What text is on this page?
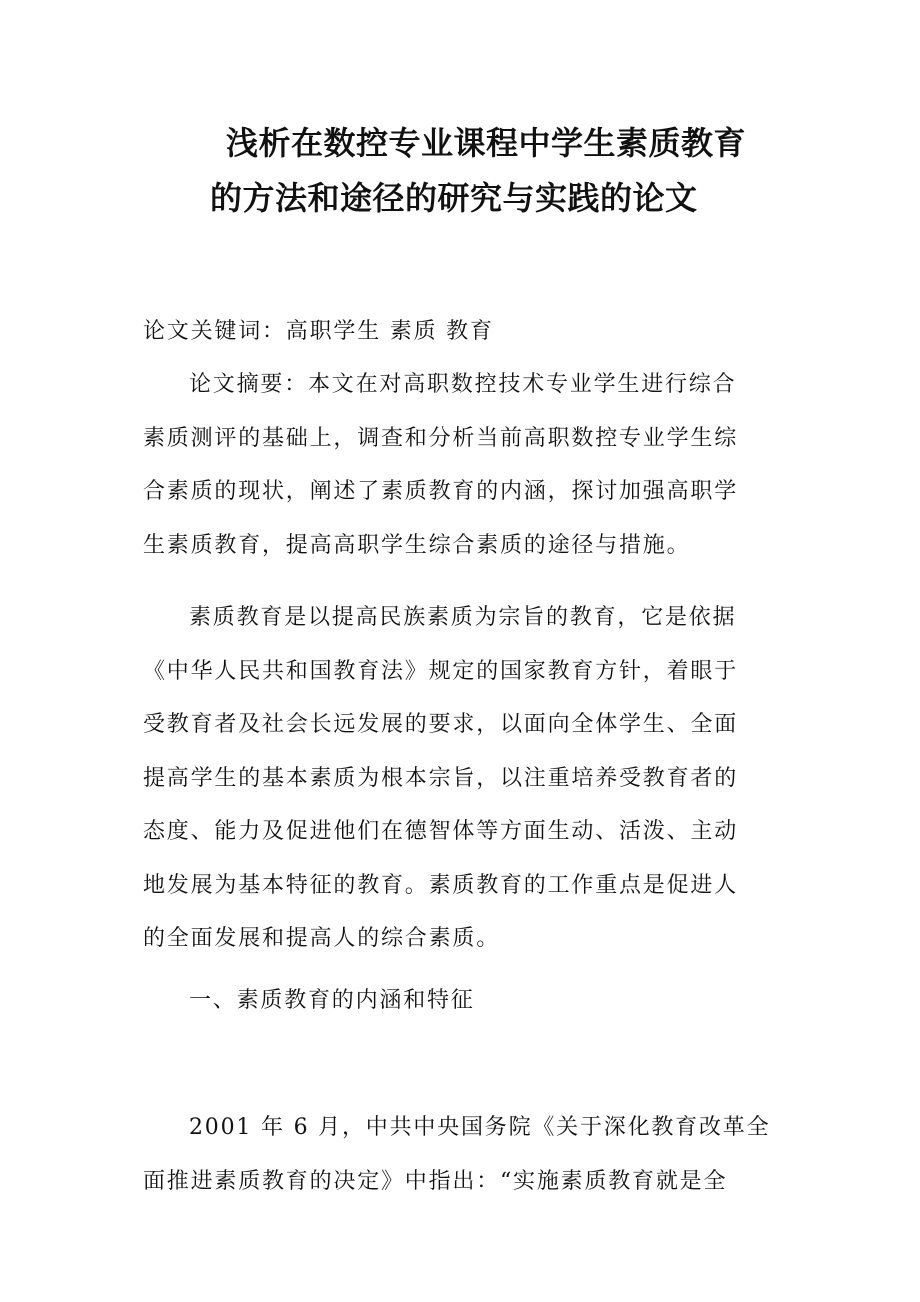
浅析在数控专业课程中学生素质教育
的方法和途径的研究与实践的论文

论文关键词：高职学生 素质 教育

论文摘要：本文在对高职数控技术专业学生进行综合
素质测评的基础上，调查和分析当前高职数控专业学生综
合素质的现状，阐述了素质教育的内涵，探讨加强高职学
生素质教育，提高高职学生综合素质的途径与措施。

素质教育是以提高民族素质为宗旨的教育，它是依据
《中华人民共和国教育法》规定的国家教育方针，着眼于
受教育者及社会长远发展的要求，以面向全体学生、全面
提高学生的基本素质为根本宗旨，以注重培养受教育者的
态度、能力及促进他们在德智体等方面生动、活泼、主动
地发展为基本特征的教育。素质教育的工作重点是促进人
的全面发展和提高人的综合素质。

一、素质教育的内涵和特征

2001 年 6 月，中共中央国务院《关于深化教育改革全
面推进素质教育的决定》中指出：“实施素质教育就是全
